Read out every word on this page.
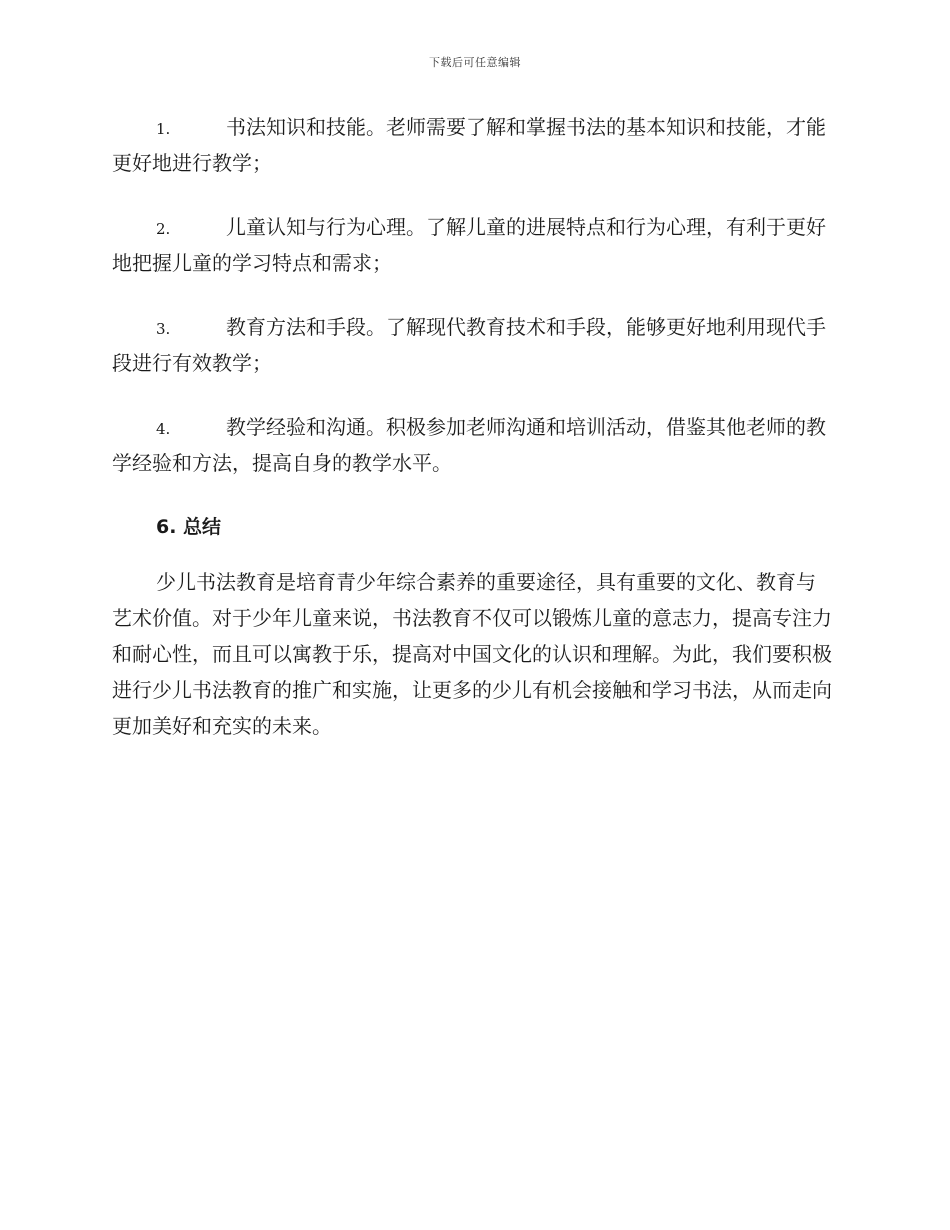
下载后可任意编辑

1.	书法知识和技能。老师需要了解和掌握书法的基本知识和技能，才能更好地进行教学；

2.	儿童认知与行为心理。了解儿童的进展特点和行为心理，有利于更好地把握儿童的学习特点和需求；

3.	教育方法和手段。了解现代教育技术和手段，能够更好地利用现代手段进行有效教学；

4.	教学经验和沟通。积极参加老师沟通和培训活动，借鉴其他老师的教学经验和方法，提高自身的教学水平。

6. 总结

少儿书法教育是培育青少年综合素养的重要途径，具有重要的文化、教育与艺术价值。对于少年儿童来说，书法教育不仅可以锻炼儿童的意志力，提高专注力和耐心性，而且可以寓教于乐，提高对中国文化的认识和理解。为此，我们要积极进行少儿书法教育的推广和实施，让更多的少儿有机会接触和学习书法，从而走向更加美好和充实的未来。
